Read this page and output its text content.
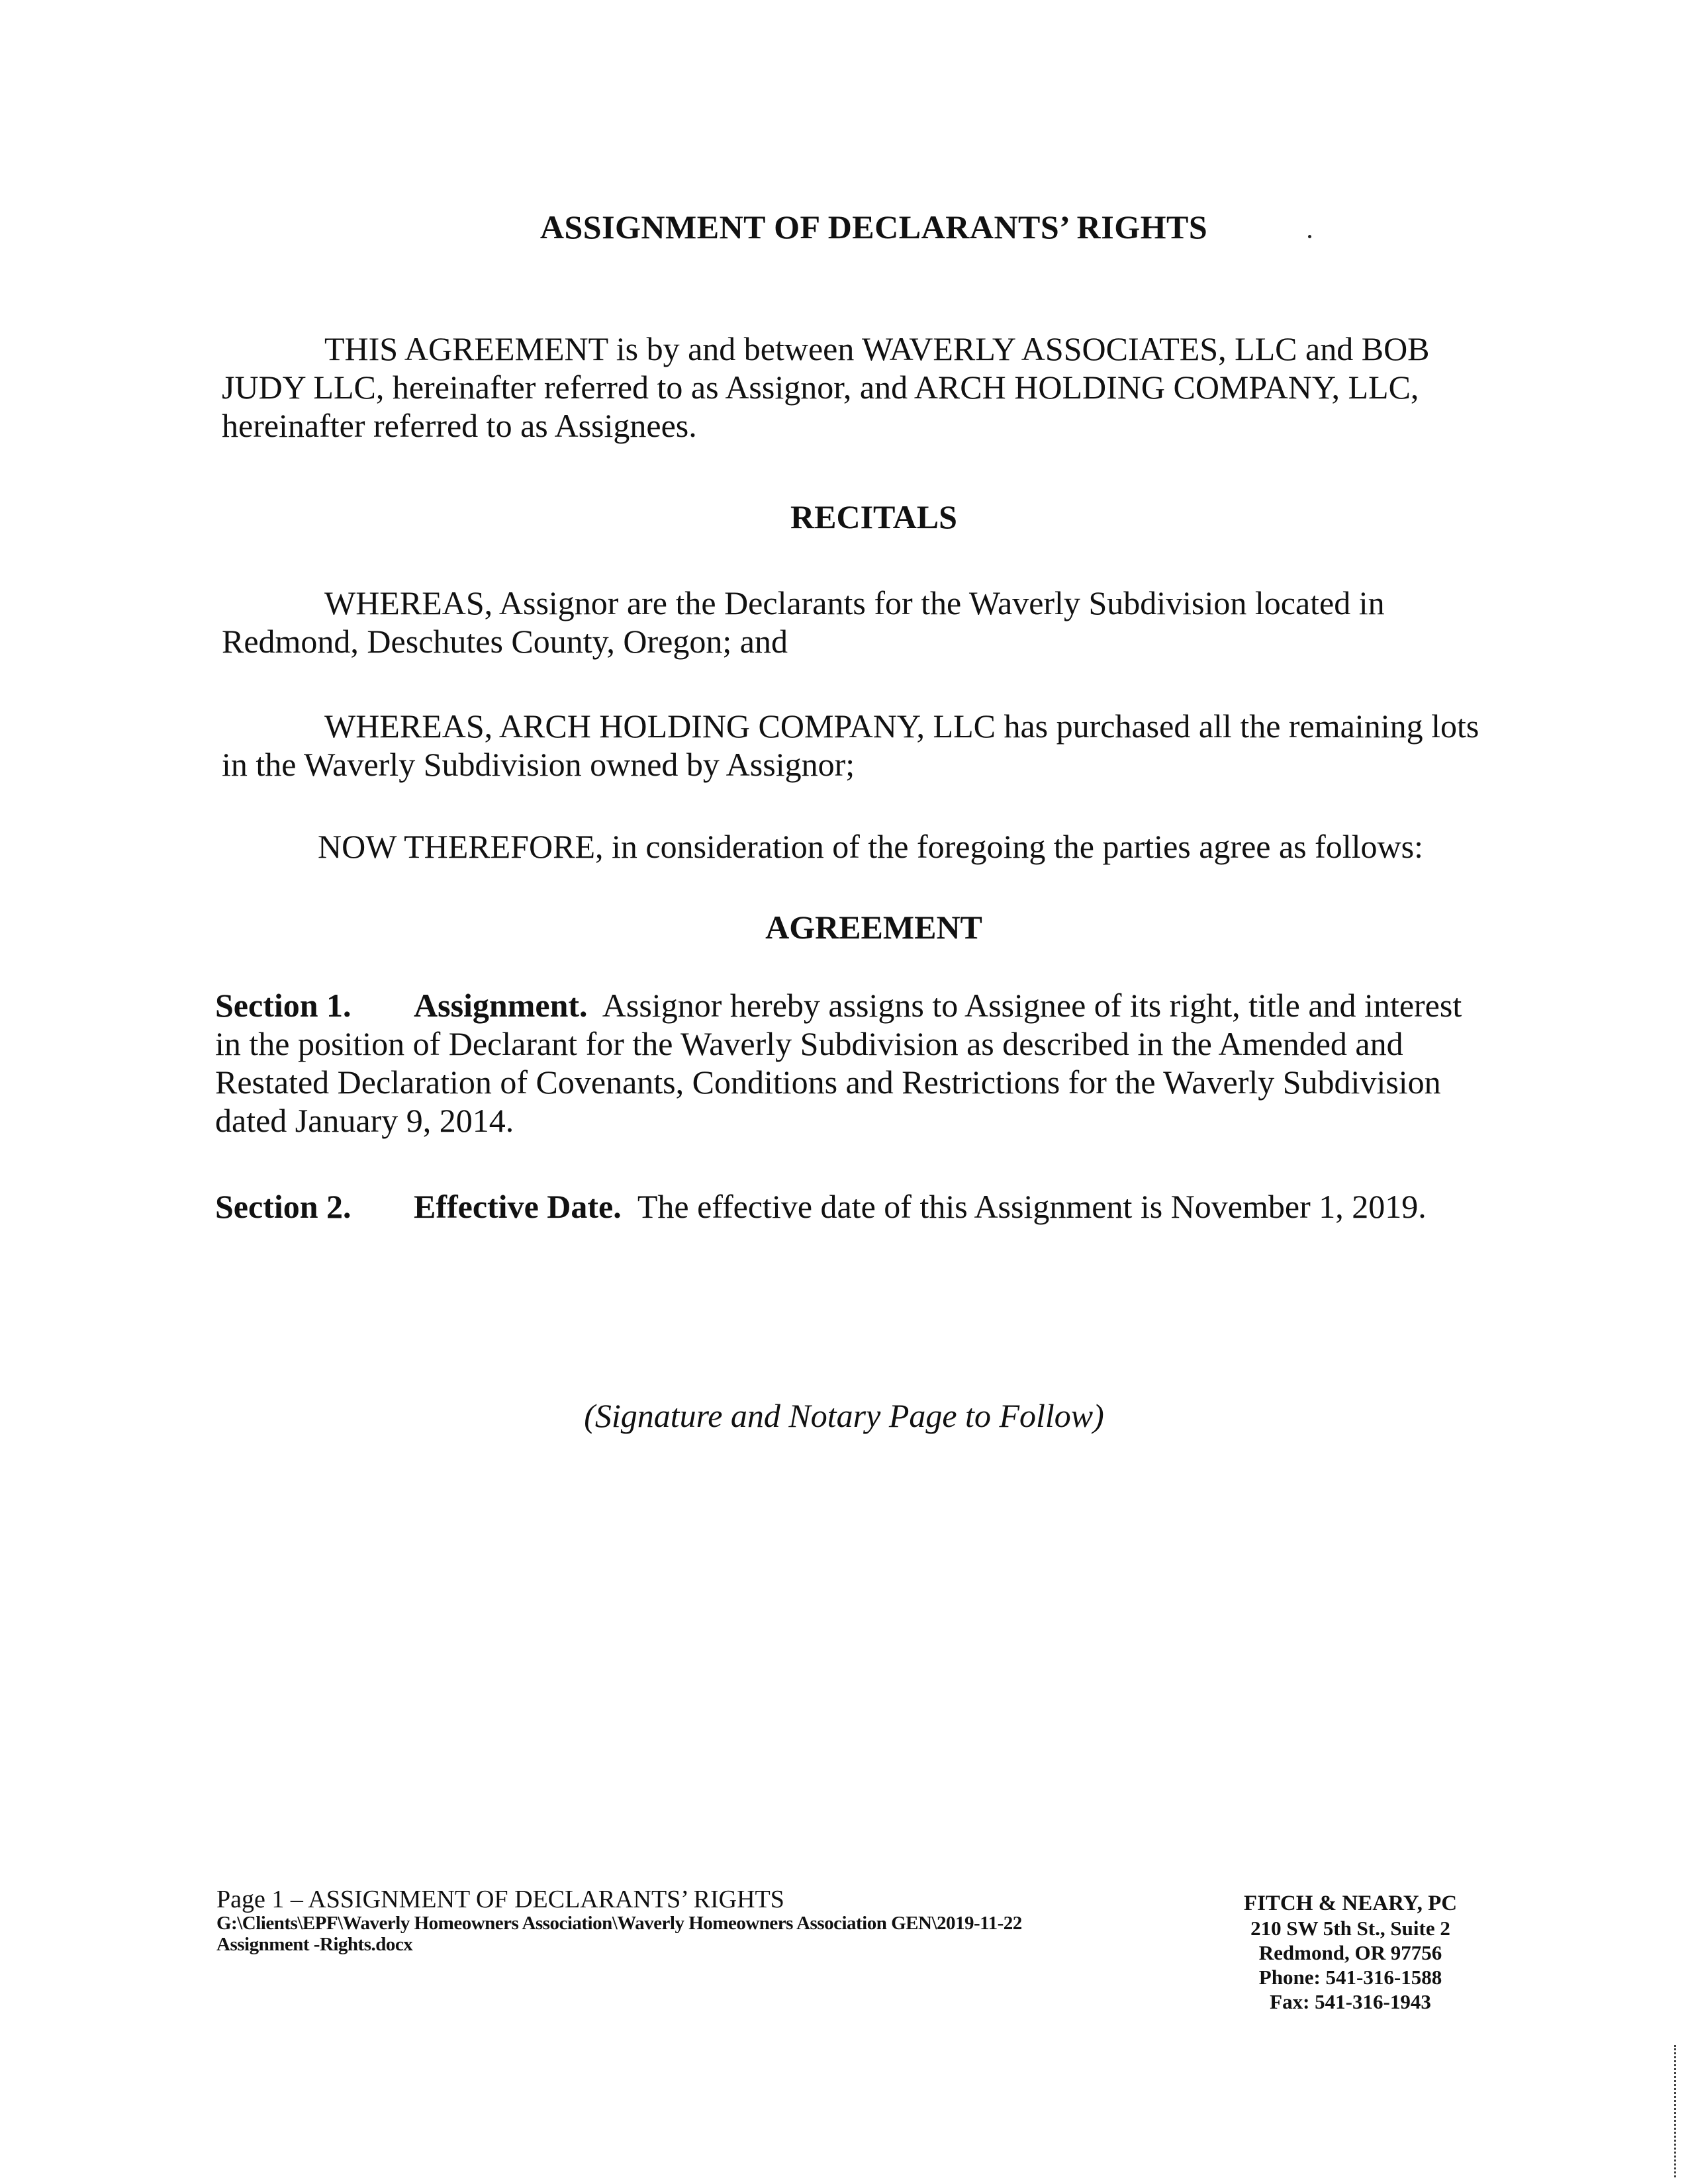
ASSIGNMENT OF DECLARANTS’ RIGHTS
THIS AGREEMENT is by and between WAVERLY ASSOCIATES, LLC and BOB JUDY LLC, hereinafter referred to as Assignor, and ARCH HOLDING COMPANY, LLC, hereinafter referred to as Assignees.
RECITALS
WHEREAS, Assignor are the Declarants for the Waverly Subdivision located in Redmond, Deschutes County, Oregon; and
WHEREAS, ARCH HOLDING COMPANY, LLC has purchased all the remaining lots in the Waverly Subdivision owned by Assignor;
NOW THEREFORE, in consideration of the foregoing the parties agree as follows:
AGREEMENT
Section 1. Assignment. Assignor hereby assigns to Assignee of its right, title and interest in the position of Declarant for the Waverly Subdivision as described in the Amended and Restated Declaration of Covenants, Conditions and Restrictions for the Waverly Subdivision dated January 9, 2014.
Section 2. Effective Date. The effective date of this Assignment is November 1, 2019.
(Signature and Notary Page to Follow)
Page 1 – ASSIGNMENT OF DECLARANTS’ RIGHTS
G:\Clients\EPF\Waverly Homeowners Association\Waverly Homeowners Association GEN\2019-11-22
Assignment -Rights.docx
FITCH & NEARY, PC
210 SW 5th St., Suite 2
Redmond, OR 97756
Phone: 541-316-1588
Fax: 541-316-1943
